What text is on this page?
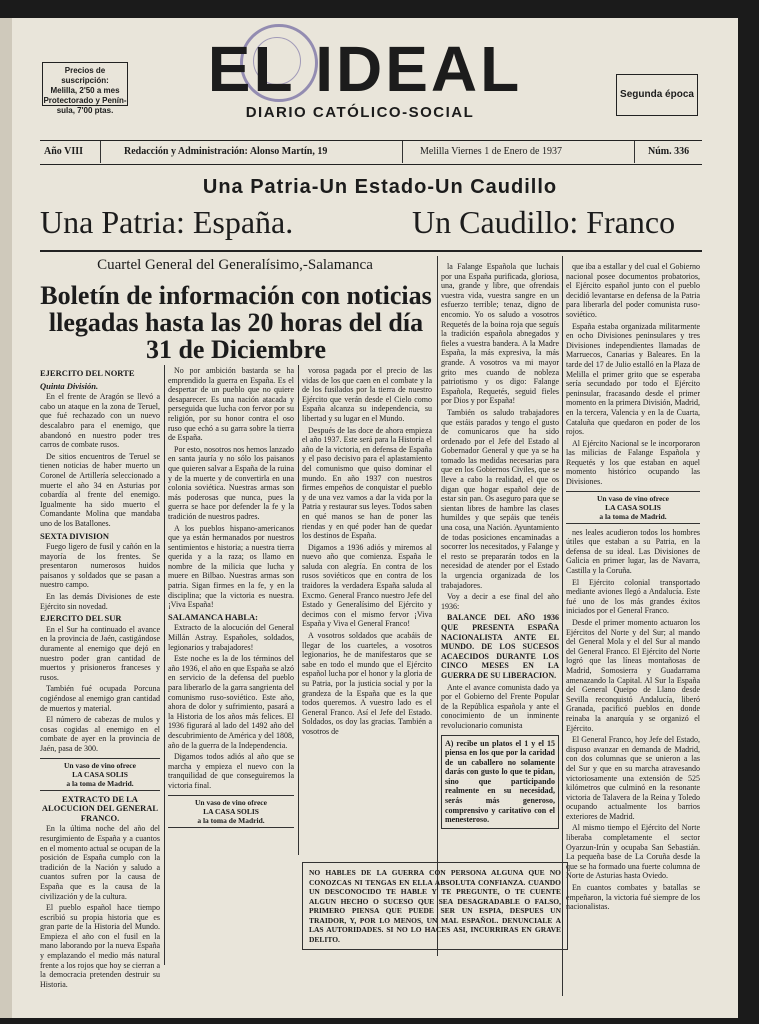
Precios de suscripción:
Melilla, 2'50 a mes
Protectorado y Penín-
sula, 7'00 ptas.
EL IDEAL
DIARIO CATÓLICO-SOCIAL
Segunda época
Año VIII	Redacción y Administración: Alonso Martín, 19	Melilla Viernes 1 de Enero de 1937	Núm. 336
Una Patria-Un Estado-Un Caudillo
Una Patria: España.	Un Caudillo: Franco
Cuartel General del Generalísimo,-Salamanca
Boletín de información con noticias llegadas hasta las 20 horas del día 31 de Diciembre
EJERCITO DEL NORTE
Quinta División.

En el frente de Aragón se llevó a cabo un ataque en la zona de Teruel, que fué rechazado con un nuevo descalabro para el enemigo, que abandonó en nuestro poder tres carros de combate rusos.

De sitios encuentros de Teruel se tienen noticias de haber muerto un Coronel de Artillería seleccionado a muerte el año 34 en Asturias por cobardía al frente del enemigo. Igualmente ha sido muerto el Comandante Molina que mandaba uno de los Batallones.

SEXTA DIVISION

Fuego ligero de fusil y cañón en la mayoría de los frentes. Se presentaron numerosos huidos paisanos y soldados que se pasan a nuestro campo.

En las demás Divisiones de este Ejército sin novedad.

EJERCITO DEL SUR

En el Sur ha continuado el avance en la provincia de Jaén, castigándose duramente al enemigo que dejó en nuestro poder gran cantidad de muertos y prisioneros franceses y rusos.

También fué ocupada Porcuna cogiéndose al enemigo gran cantidad de muertos y material.

El número de cabezas de mulos y cosas cogidas al enemigo en el combate de ayer en la provincia de Jaén, pasa de 300.

Un vaso de vino ofrece
LA CASA SOLIS
a la toma de Madrid.
EXTRACTO DE LA ALOCUCION DEL GENERAL FRANCO.

En la última noche del año del resurgimiento de España y a cuantos en el momento actual se ocupan de la posición de España cumplo con la tradición de la Nación y saludo a cuantos sufren por la causa de España que es la causa de la civilización y de la cultura.

El pueblo español hace tiempo escribió su propia historia que es gran parte de la Historia del Mundo. Empieza el año con el fusil en la mano laborando por la nueva España y emplazando el medio más natural frente a los rojos que hoy se cierran a la democracia pretenden destruir su Historia.

No por ambición bastarda se ha emprendido la guerra en España. Es el despertar de un pueblo que no quiere desaparecer. Es una nación atacada y perseguida que lucha con fervor por su religión, por su honor contra el oso ruso que echó a su garra sobre la tierra de España.

Por esto, nosotros nos hemos lanzado en santa jauría y no sólo los paisanos que quieren salvar a España de la ruina y de la muerte y de convertirla en una colonia soviética. Nuestras armas son más poderosas que nunca, pues la guerra se hace por defender la fe y la tradición de nuestros padres.

A los pueblos hispano-americanos que ya están hermanados por nuestros sentimientos e historia; a nuestra tierra querida y a la raza; os llamo en nombre de la milicia que lucha y muere en Bilbao. Nuestras armas son patria. Sigan firmes en la fe, y en la disciplina; que la victoria es nuestra. ¡Viva España!

SALAMANCA HABLA:

Extracto de la alocución del General Millán Astray. Españoles, soldados, legionarios y trabajadores!

Este noche es la de los términos del año 1936, el año en que España se alzó en servicio de la defensa del pueblo para liberarlo de la garra sangrienta del comunismo ruso-soviético. Este año, ahora de dolor y sufrimiento, pasará a la Historia de los años más felices. El 1936 figurará al lado del 1492 año del descubrimiento de América y del 1808, año de la guerra de la Independencia.

Digamos todos adiós al año que se marcha y empieza el nuevo con la tranquilidad de que conseguiremos la victoria final.

Un vaso de vino ofrece
LA CASA SOLIS
a la toma de Madrid.

vorosa pagada por el precio de las vidas de los que caen en el combate y la de los fusilados por la tierra de nuestro Ejército que verán desde el Cielo como España alcanza su independencia, su libertad y su lugar en el Mundo.

Después de las doce de ahora empieza el año 1937. Este será para la Historia el año de la victoria, en defensa de España y el paso decisivo para el aplastamiento del comunismo que quiso dominar el mundo. En año 1937 con nuestros firmes empeños de conquistar el pueblo y de una vez vamos a dar la vida por la Patria y restaurar sus leyes. Todos saben en qué manos se han de poner las riendas y en qué poder han de quedar los destinos de España.

Digamos a 1936 adiós y miremos al nuevo año que comienza. España le saluda con alegría. En contra de los rusos soviéticos que en contra de los traidores la verdadera España saluda al Excmo. General Franco nuestro Jefe del Estado y Generalísimo del Ejército y decimos con el mismo fervor ¡Viva España y Viva el General Franco!

A vosotros soldados que acabáis de llegar de los cuarteles, a vosotros legionarios, he de manifestaros que se sabe en todo el mundo que el Ejército español lucha por el honor y la gloria de su Patria, por la justicia social y por la grandeza de la España que es la que todos queremos. A vuestro lado es el General Franco. Así el Jefe del Estado. Soldados, os doy las gracias. También a vosotros de

la Falange Española que luchais por una España purificada, gloriosa, una, grande y libre, que ofrendais vuestra vida, vuestra sangre en un esfuerzo terrible; tenaz, digno de encomio. Yo os saludo a vosotros Requetés de la boina roja que seguís la tradición española abnegados y fieles a vuestra bandera. A la Madre España, la más expresiva, la más grande. A vosotros va mi mayor grito mes cuando de nobleza patriotismo y os digo: Falange Española, Requetés, seguid fieles por Dios y por España!

También os saludo trabajadores que estáis parados y tengo el gusto de comunicaros que ha sido ordenado por el Jefe del Estado al Gobernador General y que ya se ha tomado las medidas necesarias para que en los Gobiernos Civiles, que se lleve a cabo la realidad, el que os digan que hogar español deje de estar sin pan. Os aseguro para que se sientan libres de hambre las clases humildes y que sepáis que tenéis una cosa, una Nación. Ayuntamiento de todas posiciones encaminadas a socorrer los necesitados, y Falange y el resto se prepararán todos en la necesidad de atender por el Estado la urgencia organizada de los trabajadores.

Voy a decir a ese final del año 1936:

BALANCE DEL AÑO 1936 QUE PRESENTA ESPAÑA NACIONALISTA ANTE EL MUNDO. DE LOS SUCESOS ACAECIDOS DURANTE LOS CINCO MESES EN LA GUERRA DE SU LIBERACION.

Ante el avance comunista dado ya por el Gobierno del Frente Popular de la República española y ante el conocimiento de un inminente revolucionario comunista

A) recibe un platos el 1 y el 15 piensa en los que por la caridad de un caballero no solamente darás con gusto lo que te pidan, sino que participando realmente en su necesidad, serás más generoso, comprensivo y caritativo con el menesteroso.

que iba a estallar y del cual el Gobierno nacional posee documentos probatorios, el Ejército español junto con el pueblo decidió levantarse en defensa de la Patria para liberarla del poder comunista ruso-soviético.

España estaba organizada militarmente en ocho Divisiones peninsulares y tres Divisiones independientes llamadas de Marruecos, Canarias y Baleares. En la tarde del 17 de Julio estalló en la Plaza de Melilla el primer grito que se esperaba sería secundado por todo el Ejército peninsular, fracasando desde el primer momento en la primera División, Madrid, en la tercera, Valencia y en la de Cuarta, Cataluña que quedaron en poder de los rojos.

Al Ejército Nacional se le incorporaron las milicias de Falange Española y Requetés y los que estaban en aquel momento histórico ocupando las Divisiones.

Un vaso de vino ofrece
LA CASA SOLIS
a la toma de Madrid.

nes leales acudieron todos los hombres útiles que estaban a su Patria, en la defensa de su ideal. Las Divisiones de Galicia en primer lugar, las de Navarra, Castilla y la Coruña.

El Ejército colonial transportado mediante aviones llegó a Andalucía. Este fué uno de los más grandes éxitos iniciados por el General Franco.

Desde el primer momento actuaron los Ejércitos del Norte y del Sur; al mando del General Mola y el del Sur al mando del General Franco. El Ejército del Norte logró que las líneas montañosas de Madrid, Somosierra y Guadarrama amenazando la Capital. Al Sur la España del General Queipo de Llano desde Sevilla reconquistó Andalucía, liberó Granada, pacificó pueblos en donde reinaba la anarquía y se organizó el Ejército.

El General Franco, hoy Jefe del Estado, dispuso avanzar en demanda de Madrid, con dos columnas que se unieron a las del Sur y que en su marcha atravesando victoriosamente una extensión de 525 kilómetros que culminó en la resonante victoria de Talavera de la Reina y Toledo ocupando actualmente los barrios exteriores de Madrid.

Al mismo tiempo el Ejército del Norte liberaba completamente el sector Oyarzun-Irún y ocupaba San Sebastián. La pequeña base de La Coruña desde la que se ha formado una fuerte columna de Norte de Asturias hasta Oviedo.

En cuantos combates y batallas se empeñaron, la victoria fué siempre de los nacionalistas.

NO HABLES DE LA GUERRA CON PERSONA ALGUNA QUE NO CONOZCAS NI TENGAS EN ELLA ABSOLUTA CONFIANZA. CUANDO UN DESCONOCIDO TE HABLE Y TE PREGUNTE, O TE CUENTE ALGUN HECHO O SUCESO QUE SEA DESAGRADABLE O FALSO, PRIMERO PIENSA QUE PUEDE SER UN ESPIA, DESPUES UN TRAIDOR, Y, POR LO MENOS, UN MAL ESPAÑOL. DENUNCIALE A LAS AUTORIDADES. SI NO LO HACES ASI, INCURRIRAS EN GRAVE DELITO.
